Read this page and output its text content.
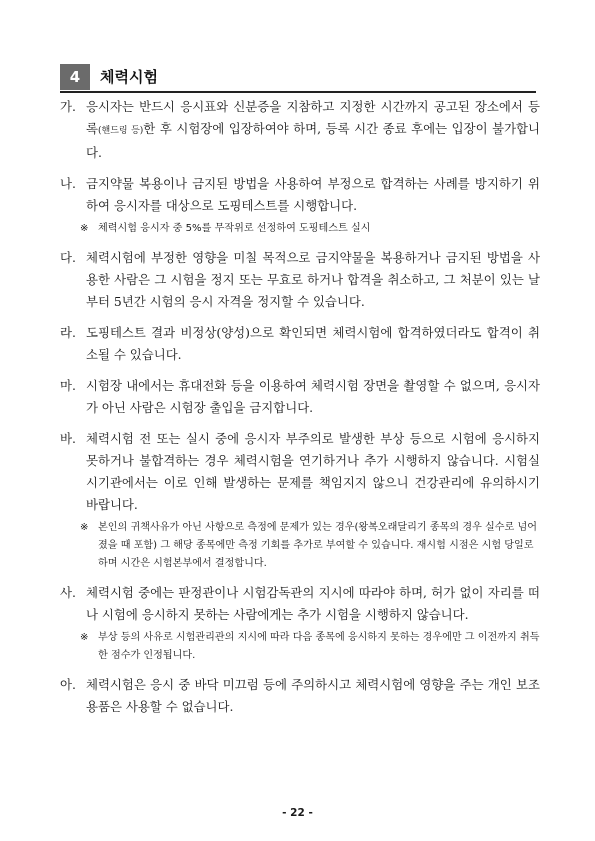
4	체력시험
가. 응시자는 반드시 응시표와 신분증을 지참하고 지정한 시간까지 공고된 장소에서 등록(핸드링 등)한 후 시험장에 입장하여야 하며, 등록 시간 종료 후에는 입장이 불가합니다.
나. 금지약물 복용이나 금지된 방법을 사용하여 부정으로 합격하는 사례를 방지하기 위하여 응시자를 대상으로 도핑테스트를 시행합니다.
※ 체력시험 응시자 중 5%를 무작위로 선정하여 도핑테스트 실시
다. 체력시험에 부정한 영향을 미칠 목적으로 금지약물을 복용하거나 금지된 방법을 사용한 사람은 그 시험을 정지 또는 무효로 하거나 합격을 취소하고, 그 처분이 있는 날부터 5년간 시험의 응시 자격을 정지할 수 있습니다.
라. 도핑테스트 결과 비정상(양성)으로 확인되면 체력시험에 합격하였더라도 합격이 취소될 수 있습니다.
마. 시험장 내에서는 휴대전화 등을 이용하여 체력시험 장면을 촬영할 수 없으며, 응시자가 아닌 사람은 시험장 출입을 금지합니다.
바. 체력시험 전 또는 실시 중에 응시자 부주의로 발생한 부상 등으로 시험에 응시하지 못하거나 불합격하는 경우 체력시험을 연기하거나 추가 시행하지 않습니다. 시험실시기관에서는 이로 인해 발생하는 문제를 책임지지 않으니 건강관리에 유의하시기 바랍니다.
※ 본인의 귀책사유가 아닌 사항으로 측정에 문제가 있는 경우(왕복오래달리기 종목의 경우 실수로 넘어졌을 때 포함) 그 해당 종목에만 측정 기회를 추가로 부여할 수 있습니다. 재시험 시점은 시험 당일로 하며 시간은 시험본부에서 결정합니다.
사. 체력시험 중에는 판정관이나 시험감독관의 지시에 따라야 하며, 허가 없이 자리를 떠나 시험에 응시하지 못하는 사람에게는 추가 시험을 시행하지 않습니다.
※ 부상 등의 사유로 시험관리관의 지시에 따라 다음 종목에 응시하지 못하는 경우에만 그 이전까지 취득한 점수가 인정됩니다.
아. 체력시험은 응시 중 바닥 미끄럼 등에 주의하시고 체력시험에 영향을 주는 개인 보조용품은 사용할 수 없습니다.
- 22 -
